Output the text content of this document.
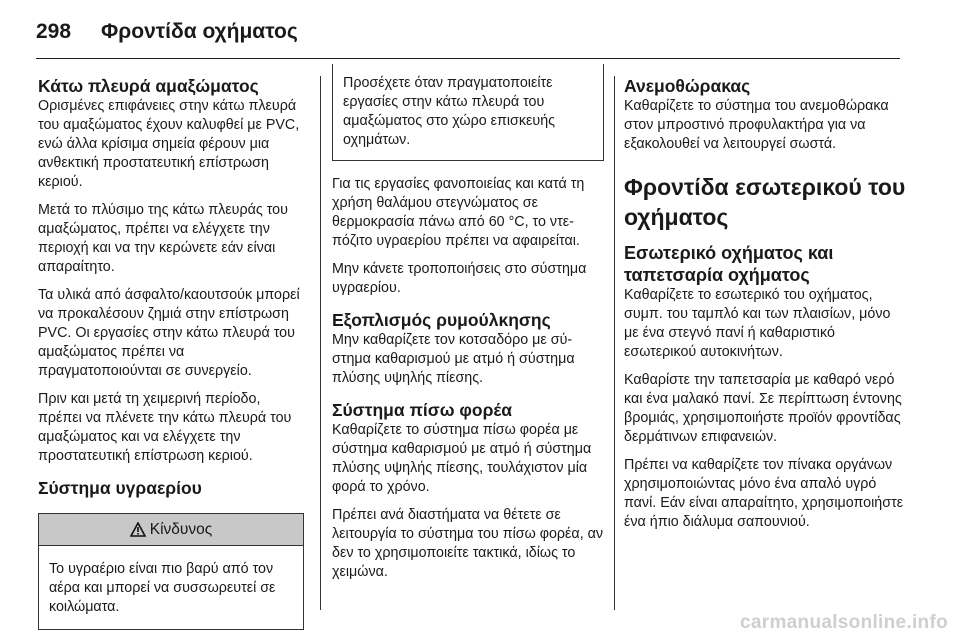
298 Φροντίδα οχήματος
Κάτω πλευρά αμαξώματος

Ορισμένες επιφάνειες στην κάτω πλευρά του αμαξώματος έχουν καλυφθεί με PVC, ενώ άλλα κρίσιμα σημεία φέρουν μια ανθεκτική προστατευτική επίστρωση κεριού.

Μετά το πλύσιμο της κάτω πλευράς του αμαξώματος, πρέπει να ελέγχετε την περιοχή και να την κερώνετε εάν είναι απαραίτητο.

Τα υλικά από άσφαλτο/καουτσούκ μπορεί να προκαλέσουν ζημιά στην επίστρωση PVC. Οι εργασίες στην κάτω πλευρά του αμαξώματος πρέπει να πραγματοποιούνται σε συνεργείο.

Πριν και μετά τη χειμερινή περίοδο, πρέπει να πλένετε την κάτω πλευρά του αμαξώματος και να ελέγχετε την προστατευτική επίστρωση κεριού.

Σύστημα υγραερίου
Κίνδυνος
Το υγραέριο είναι πιο βαρύ από τον αέρα και μπορεί να συσσωρευτεί σε κοιλώματα.
Προσέχετε όταν πραγματοποιείτε εργασίες στην κάτω πλευρά του αμαξώματος στο χώρο επισκευής οχημάτων.

Για τις εργασίες φανοποιείας και κατά τη χρήση θαλάμου στεγνώματος σε θερμοκρασία πάνω από 60 °C, το ντεπόζιτο υγραερίου πρέπει να αφαιρείται.

Μην κάνετε τροποποιήσεις στο σύστημα υγραερίου.

Εξοπλισμός ρυμούλκησης

Μην καθαρίζετε τον κοτσαδόρο με σύστημα καθαρισμού με ατμό ή σύστημα πλύσης υψηλής πίεσης.

Σύστημα πίσω φορέα

Καθαρίζετε το σύστημα πίσω φορέα με σύστημα καθαρισμού με ατμό ή σύστημα πλύσης υψηλής πίεσης, τουλάχιστον μία φορά το χρόνο.

Πρέπει ανά διαστήματα να θέτετε σε λειτουργία το σύστημα του πίσω φορέα, αν δεν το χρησιμοποιείτε τακτικά, ιδίως το χειμώνα.

Ανεμοθώρακας

Καθαρίζετε το σύστημα του ανεμοθώρακα στον μπροστινό προφυλακτήρα για να εξακολουθεί να λειτουργεί σωστά.

Φροντίδα εσωτερικού του οχήματος
Εσωτερικό οχήματος και ταπετσαρία οχήματος

Καθαρίζετε το εσωτερικό του οχήματος, συμπ. του ταμπλό και των πλαισίων, μόνο με ένα στεγνό πανί ή καθαριστικό εσωτερικού αυτοκινήτων.

Καθαρίστε την ταπετσαρία με καθαρό νερό και ένα μαλακό πανί. Σε περίπτωση έντονης βρομιάς, χρησιμοποιήστε προϊόν φροντίδας δερμάτινων επιφανειών.

Πρέπει να καθαρίζετε τον πίνακα οργάνων χρησιμοποιώντας μόνο ένα απαλό υγρό πανί. Εάν είναι απαραίτητο, χρησιμοποιήστε ένα ήπιο διάλυμα σαπουνιού.

carmanualsonline.info
